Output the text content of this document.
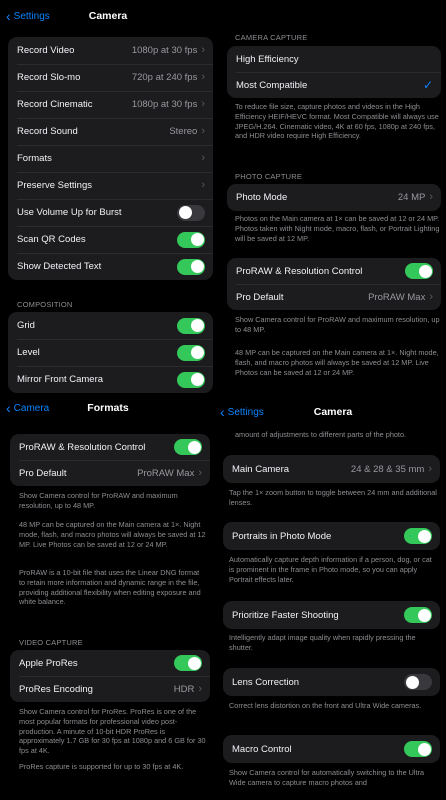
‹ Settings	Camera
Record Video	1080p at 30 fps ›
Record Slo-mo	720p at 240 fps ›
Record Cinematic	1080p at 30 fps ›
Record Sound	Stereo ›
Formats	›
Preserve Settings	›
Use Volume Up for Burst
Scan QR Codes
Show Detected Text
COMPOSITION
Grid
Level
Mirror Front Camera
‹ Camera	Formats
ProRAW & Resolution Control
Pro Default	ProRAW Max ›
Show Camera control for ProRAW and maximum resolution, up to 48 MP.
48 MP can be captured on the Main camera at 1×. Night mode, flash, and macro photos will always be saved at 12 MP. Live Photos can be saved at 12 or 24 MP.
ProRAW is a 10-bit file that uses the Linear DNG format to retain more information and dynamic range in the file, providing additional flexibility when editing exposure and white balance.
VIDEO CAPTURE
Apple ProRes
ProRes Encoding	HDR ›
Show Camera control for ProRes. ProRes is one of the most popular formats for professional video post-production. A minute of 10-bit HDR ProRes is approximately 1.7 GB for 30 fps at 1080p and 6 GB for 30 fps at 4K.
ProRes capture is supported for up to 30 fps at 4K.
CAMERA CAPTURE
High Efficiency
Most Compatible	✓
To reduce file size, capture photos and videos in the High Efficiency HEIF/HEVC format. Most Compatible will always use JPEG/H.264. Cinematic video, 4K at 60 fps, 1080p at 240 fps, and HDR video require High Efficiency.
PHOTO CAPTURE
Photo Mode	24 MP ›
Photos on the Main camera at 1× can be saved at 12 or 24 MP. Photos taken with Night mode, macro, flash, or Portrait Lighting will be saved at 12 MP.
ProRAW & Resolution Control
Pro Default	ProRAW Max ›
Show Camera control for ProRAW and maximum resolution, up to 48 MP.
48 MP can be captured on the Main camera at 1×. Night mode, flash, and macro photos will always be saved at 12 MP. Live Photos can be saved at 12 or 24 MP.
‹ Settings	Camera
amount of adjustments to different parts of the photo.
Main Camera	24 & 28 & 35 mm ›
Tap the 1× zoom button to toggle between 24 mm and additional lenses.
Portraits in Photo Mode
Automatically capture depth information if a person, dog, or cat is prominent in the frame in Photo mode, so you can apply Portrait effects later.
Prioritize Faster Shooting
Intelligently adapt image quality when rapidly pressing the shutter.
Lens Correction
Correct lens distortion on the front and Ultra Wide cameras.
Macro Control
Show Camera control for automatically switching to the Ultra Wide camera to capture macro photos and
